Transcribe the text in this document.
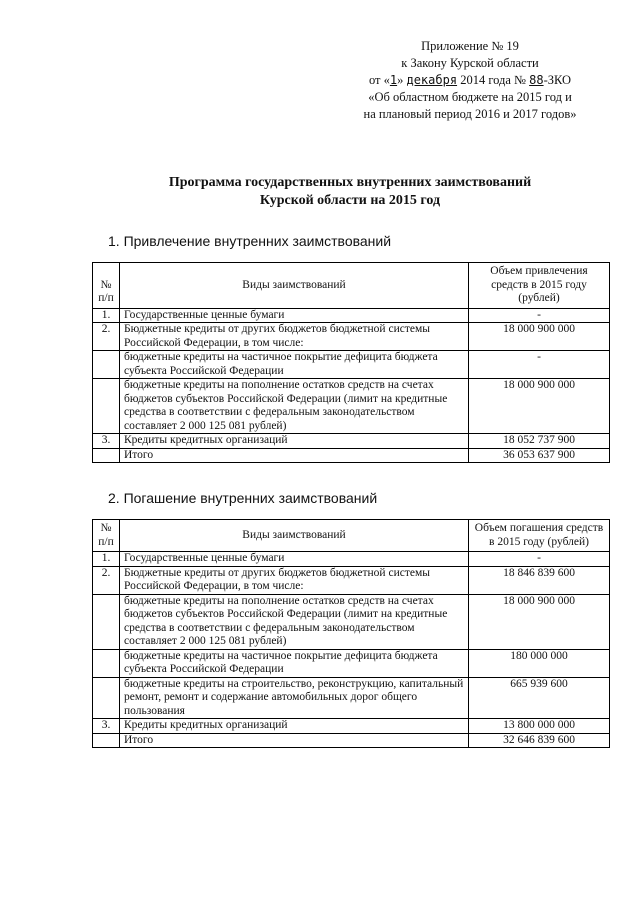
Приложение № 19
к Закону Курской области
от «1» декабря 2014 года № 88-ЗКО
«Об областном бюджете на 2015 год и
на плановый период 2016 и 2017 годов»
Программа государственных внутренних заимствований
Курской области на 2015 год
1. Привлечение внутренних заимствований
№ п/п	Виды заимствований	Объем привлечения средств в 2015 году (рублей)
1.	Государственные ценные бумаги	-
2.	Бюджетные кредиты от других бюджетов бюджетной системы Российской Федерации, в том числе:	18 000 900 000
	бюджетные кредиты на частичное покрытие дефицита бюджета субъекта Российской Федерации	-
	бюджетные кредиты на пополнение остатков средств на счетах бюджетов субъектов Российской Федерации (лимит на кредитные средства в соответствии с федеральным законодательством составляет 2 000 125 081 рублей)	18 000 900 000
3.	Кредиты кредитных организаций	18 052 737 900
	Итого	36 053 637 900
2. Погашение внутренних заимствований
№ п/п	Виды заимствований	Объем погашения средств в 2015 году (рублей)
1.	Государственные ценные бумаги	-
2.	Бюджетные кредиты от других бюджетов бюджетной системы Российской Федерации, в том числе:	18 846 839 600
	бюджетные кредиты на пополнение остатков средств на счетах бюджетов субъектов Российской Федерации (лимит на кредитные средства в соответствии с федеральным законодательством составляет 2 000 125 081 рублей)	18 000 900 000
	бюджетные кредиты на частичное покрытие дефицита бюджета субъекта Российской Федерации	180 000 000
	бюджетные кредиты на строительство, реконструкцию, капитальный ремонт, ремонт и содержание автомобильных дорог общего пользования	665 939 600
3.	Кредиты кредитных организаций	13 800 000 000
	Итого	32 646 839 600
